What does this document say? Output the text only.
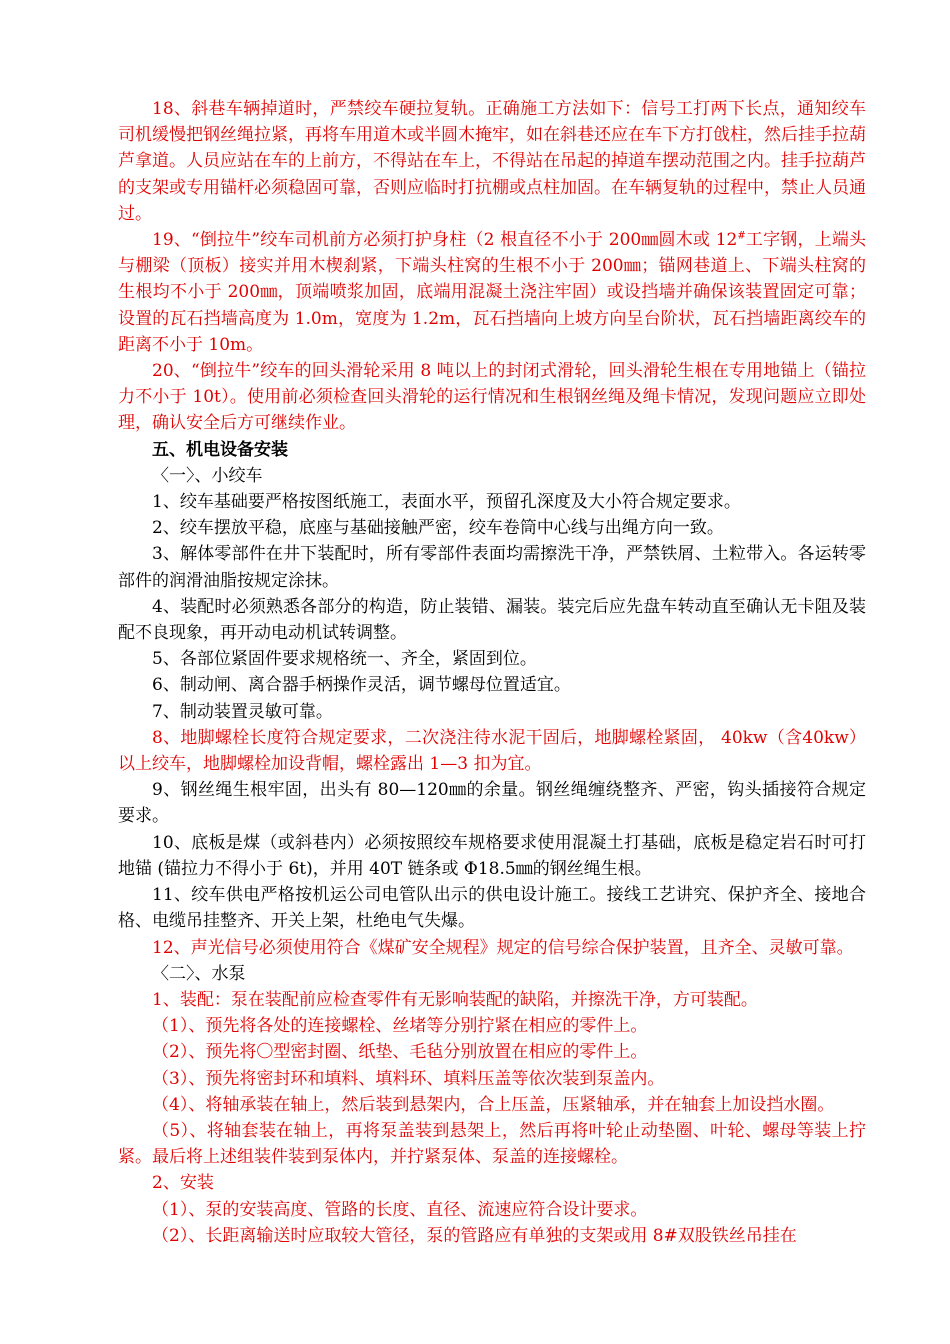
18、斜巷车辆掉道时，严禁绞车硬拉复轨。正确施工方法如下：信号工打两下长点，通知绞车司机缓慢把钢丝绳拉紧，再将车用道木或半圆木掩牢，如在斜巷还应在车下方打戗柱，然后挂手拉葫芦拿道。人员应站在车的上前方，不得站在车上，不得站在吊起的掉道车摆动范围之内。挂手拉葫芦的支架或专用锚杆必须稳固可靠，否则应临时打抗棚或点柱加固。在车辆复轨的过程中，禁止人员通过。

19、“倒拉牛”绞车司机前方必须打护身柱（2 根直径不小于 200㎜圆木或 12#工字钢，上端头与棚梁（顶板）接实并用木楔刹紧，下端头柱窝的生根不小于 200㎜；锚网巷道上、下端头柱窝的生根均不小于 200㎜，顶端喷浆加固，底端用混凝土浇注牢固）或设挡墙并确保该装置固定可靠；设置的瓦石挡墙高度为 1.0m，宽度为 1.2m，瓦石挡墙向上坡方向呈台阶状，瓦石挡墙距离绞车的距离不小于 10m。

20、“倒拉牛”绞车的回头滑轮采用 8 吨以上的封闭式滑轮，回头滑轮生根在专用地锚上（锚拉力不小于 10t）。使用前必须检查回头滑轮的运行情况和生根钢丝绳及绳卡情况，发现问题应立即处理，确认安全后方可继续作业。

五、机电设备安装

〈一〉、小绞车

1、绞车基础要严格按图纸施工，表面水平，预留孔深度及大小符合规定要求。

2、绞车摆放平稳，底座与基础接触严密，绞车卷筒中心线与出绳方向一致。

3、解体零部件在井下装配时，所有零部件表面均需擦洗干净，严禁铁屑、土粒带入。各运转零部件的润滑油脂按规定涂抹。

4、装配时必须熟悉各部分的构造，防止装错、漏装。装完后应先盘车转动直至确认无卡阻及装配不良现象，再开动电动机试转调整。

5、各部位紧固件要求规格统一、齐全，紧固到位。

6、制动闸、离合器手柄操作灵活，调节螺母位置适宜。

7、制动装置灵敏可靠。

8、地脚螺栓长度符合规定要求，二次浇注待水泥干固后，地脚螺栓紧固， 40kw（含40kw）以上绞车，地脚螺栓加设背帽，螺栓露出 1—3 扣为宜。

9、钢丝绳生根牢固，出头有 80—120㎜的余量。钢丝绳缠绕整齐、严密，钩头插接符合规定要求。

10、底板是煤（或斜巷内）必须按照绞车规格要求使用混凝土打基础，底板是稳定岩石时可打地锚 (锚拉力不得小于 6t)，并用 40T 链条或 Φ18.5㎜的钢丝绳生根。

11、绞车供电严格按机运公司电管队出示的供电设计施工。接线工艺讲究、保护齐全、接地合格、电缆吊挂整齐、开关上架，杜绝电气失爆。

12、声光信号必须使用符合《煤矿安全规程》规定的信号综合保护装置，且齐全、灵敏可靠。

〈二〉、水泵

1、装配：泵在装配前应检查零件有无影响装配的缺陷，并擦洗干净，方可装配。

（1）、预先将各处的连接螺栓、丝堵等分别拧紧在相应的零件上。

（2）、预先将〇型密封圈、纸垫、毛毡分别放置在相应的零件上。

（3）、预先将密封环和填料、填料环、填料压盖等依次装到泵盖内。

（4）、将轴承装在轴上，然后装到悬架内，合上压盖，压紧轴承，并在轴套上加设挡水圈。

（5）、将轴套装在轴上，再将泵盖装到悬架上，然后再将叶轮止动垫圈、叶轮、螺母等装上拧紧。最后将上述组装件装到泵体内，并拧紧泵体、泵盖的连接螺栓。

2、安装

（1）、泵的安装高度、管路的长度、直径、流速应符合设计要求。

（2）、长距离输送时应取较大管径，泵的管路应有单独的支架或用 8#双股铁丝吊挂在
